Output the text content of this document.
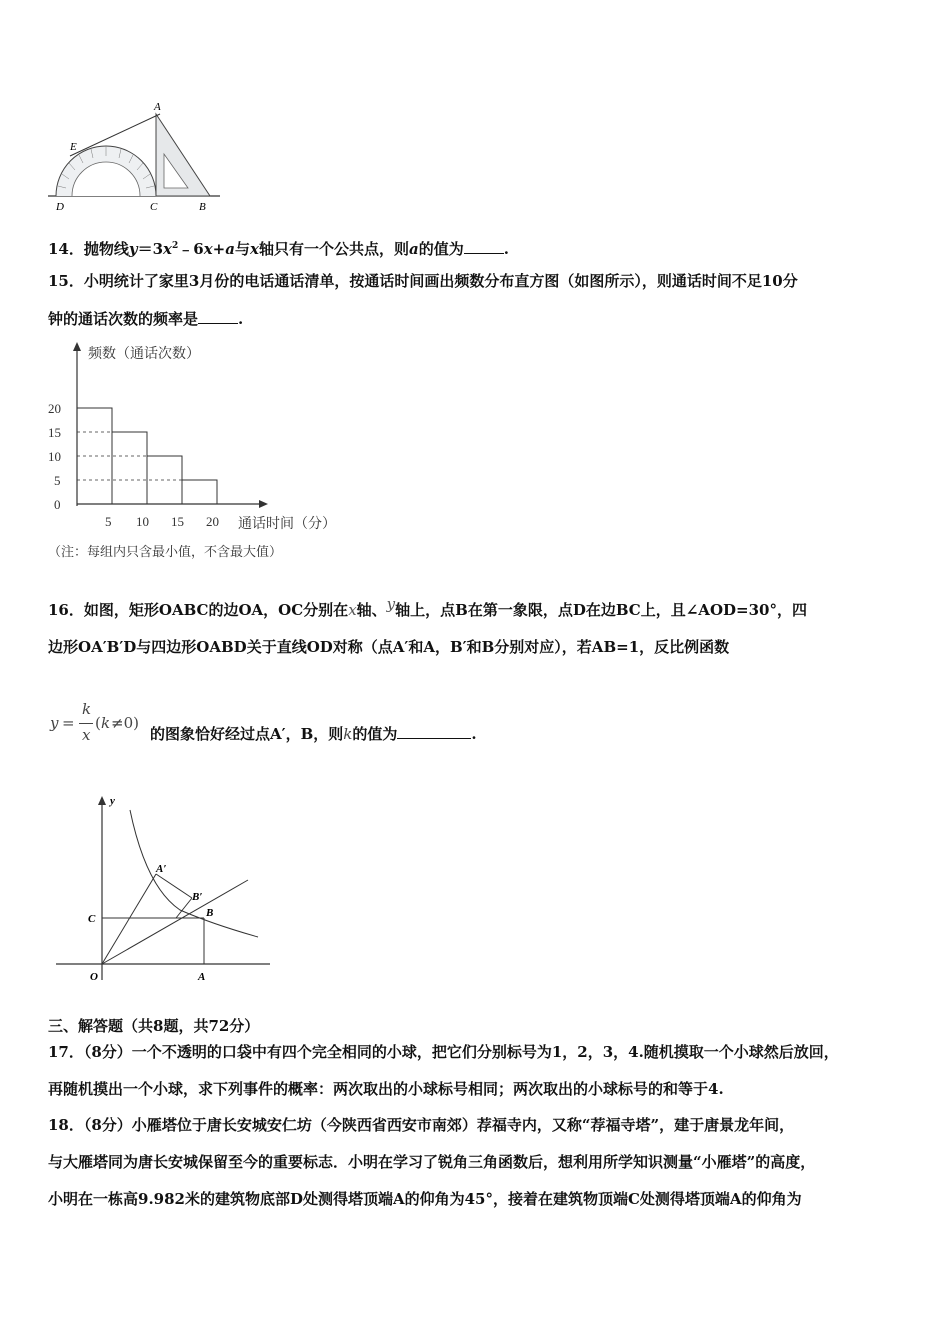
A
E
D	C	B
14．抛物线$y=3x^2﹣6x+a$与x轴只有一个公共点，则a的值为	.
15．小明统计了家里3月份的电话通话清单，按通话时间画出频数分布直方图（如图所示），则通话时间不足10分
钟的通话次数的频率是	.
频数（通话次数）
通话时间（分）
（注：每组内只含最小值，不含最大值）
20
15
10
5
0
5 10 15 20
16．如图，矩形OABC的边OA，OC分别在x轴、y轴上，点B在第一象限，点D在边BC上，且∠AOD=30°，四
边形OA′B′D与四边形OABD关于直线OD对称（点A′和A，B′和B分别对应），若AB=1，反比例函数
y =
k
x
( k ≠0)
的图象恰好经过点A′，B，则k的值为	.
y
A′
B′
B
C
O	A
三、解答题（共8题，共72分）
17．（8分）一个不透明的口袋中有四个完全相同的小球，把它们分别标号为1，2，3，4.随机摸取一个小球然后放回，
再随机摸出一个小球，求下列事件的概率：两次取出的小球标号相同；两次取出的小球标号的和等于4.
18．（8分）小雁塔位于唐长安城安仁坊（今陕西省西安市南郊）荐福寺内，又称“荐福寺塔”，建于唐景龙年间，
与大雁塔同为唐长安城保留至今的重要标志．小明在学习了锐角三角函数后，想利用所学知识测量“小雁塔”的高度，
小明在一栋高9.982米的建筑物底部D处测得塔顶端A的仰角为45°，接着在建筑物顶端C处测得塔顶端A的仰角为
